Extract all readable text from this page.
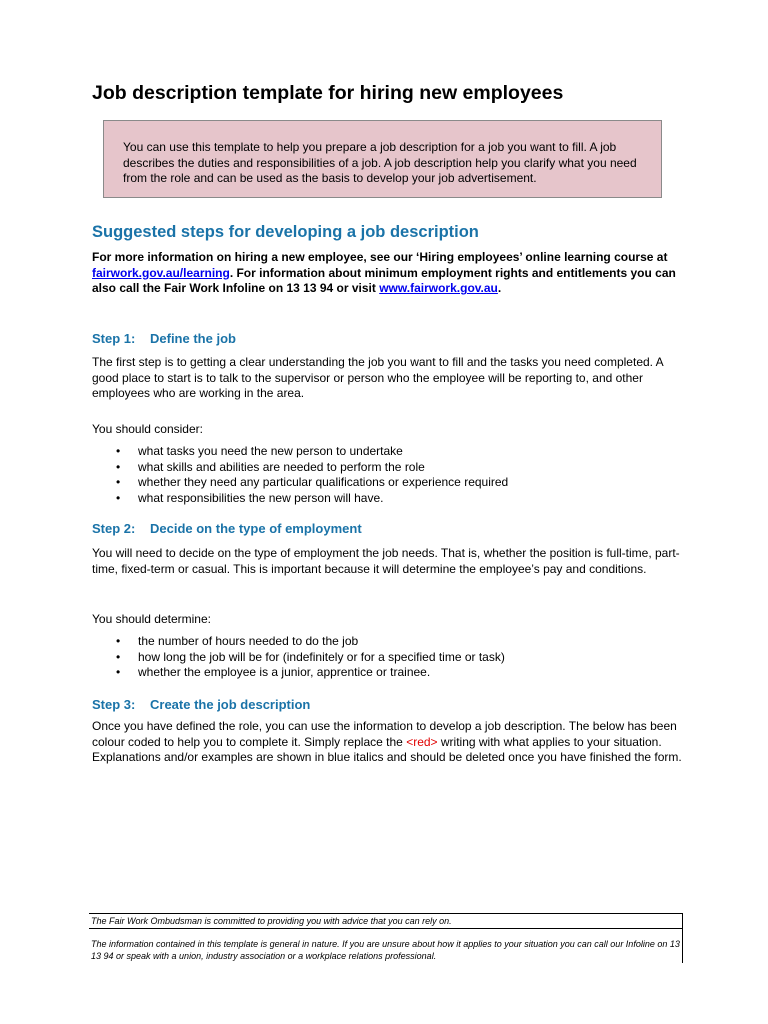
Job description template for hiring new employees
You can use this template to help you prepare a job description for a job you want to fill. A job describes the duties and responsibilities of a job. A job description help you clarify what you need from the role and can be used as the basis to develop your job advertisement.
Suggested steps for developing a job description

For more information on hiring a new employee, see our ‘Hiring employees’ online learning course at fairwork.gov.au/learning. For information about minimum employment rights and entitlements you can also call the Fair Work Infoline on 13 13 94 or visit www.fairwork.gov.au.

Step 1: Define the job

The first step is to getting a clear understanding the job you want to fill and the tasks you need completed. A good place to start is to talk to the supervisor or person who the employee will be reporting to, and other employees who are working in the area.

You should consider:

• what tasks you need the new person to undertake
• what skills and abilities are needed to perform the role
• whether they need any particular qualifications or experience required
• what responsibilities the new person will have.
Step 2: Decide on the type of employment

You will need to decide on the type of employment the job needs. That is, whether the position is full-time, part-time, fixed-term or casual. This is important because it will determine the employee’s pay and conditions.

You should determine:

• the number of hours needed to do the job
• how long the job will be for (indefinitely or for a specified time or task)
• whether the employee is a junior, apprentice or trainee.
Step 3: Create the job description

Once you have defined the role, you can use the information to develop a job description. The below has been colour coded to help you to complete it. Simply replace the <red> writing with what applies to your situation. Explanations and/or examples are shown in blue italics and should be deleted once you have finished the form.

The Fair Work Ombudsman is committed to providing you with advice that you can rely on.

The information contained in this template is general in nature. If you are unsure about how it applies to your situation you can call our Infoline on 13 13 94 or speak with a union, industry association or a workplace relations professional.
